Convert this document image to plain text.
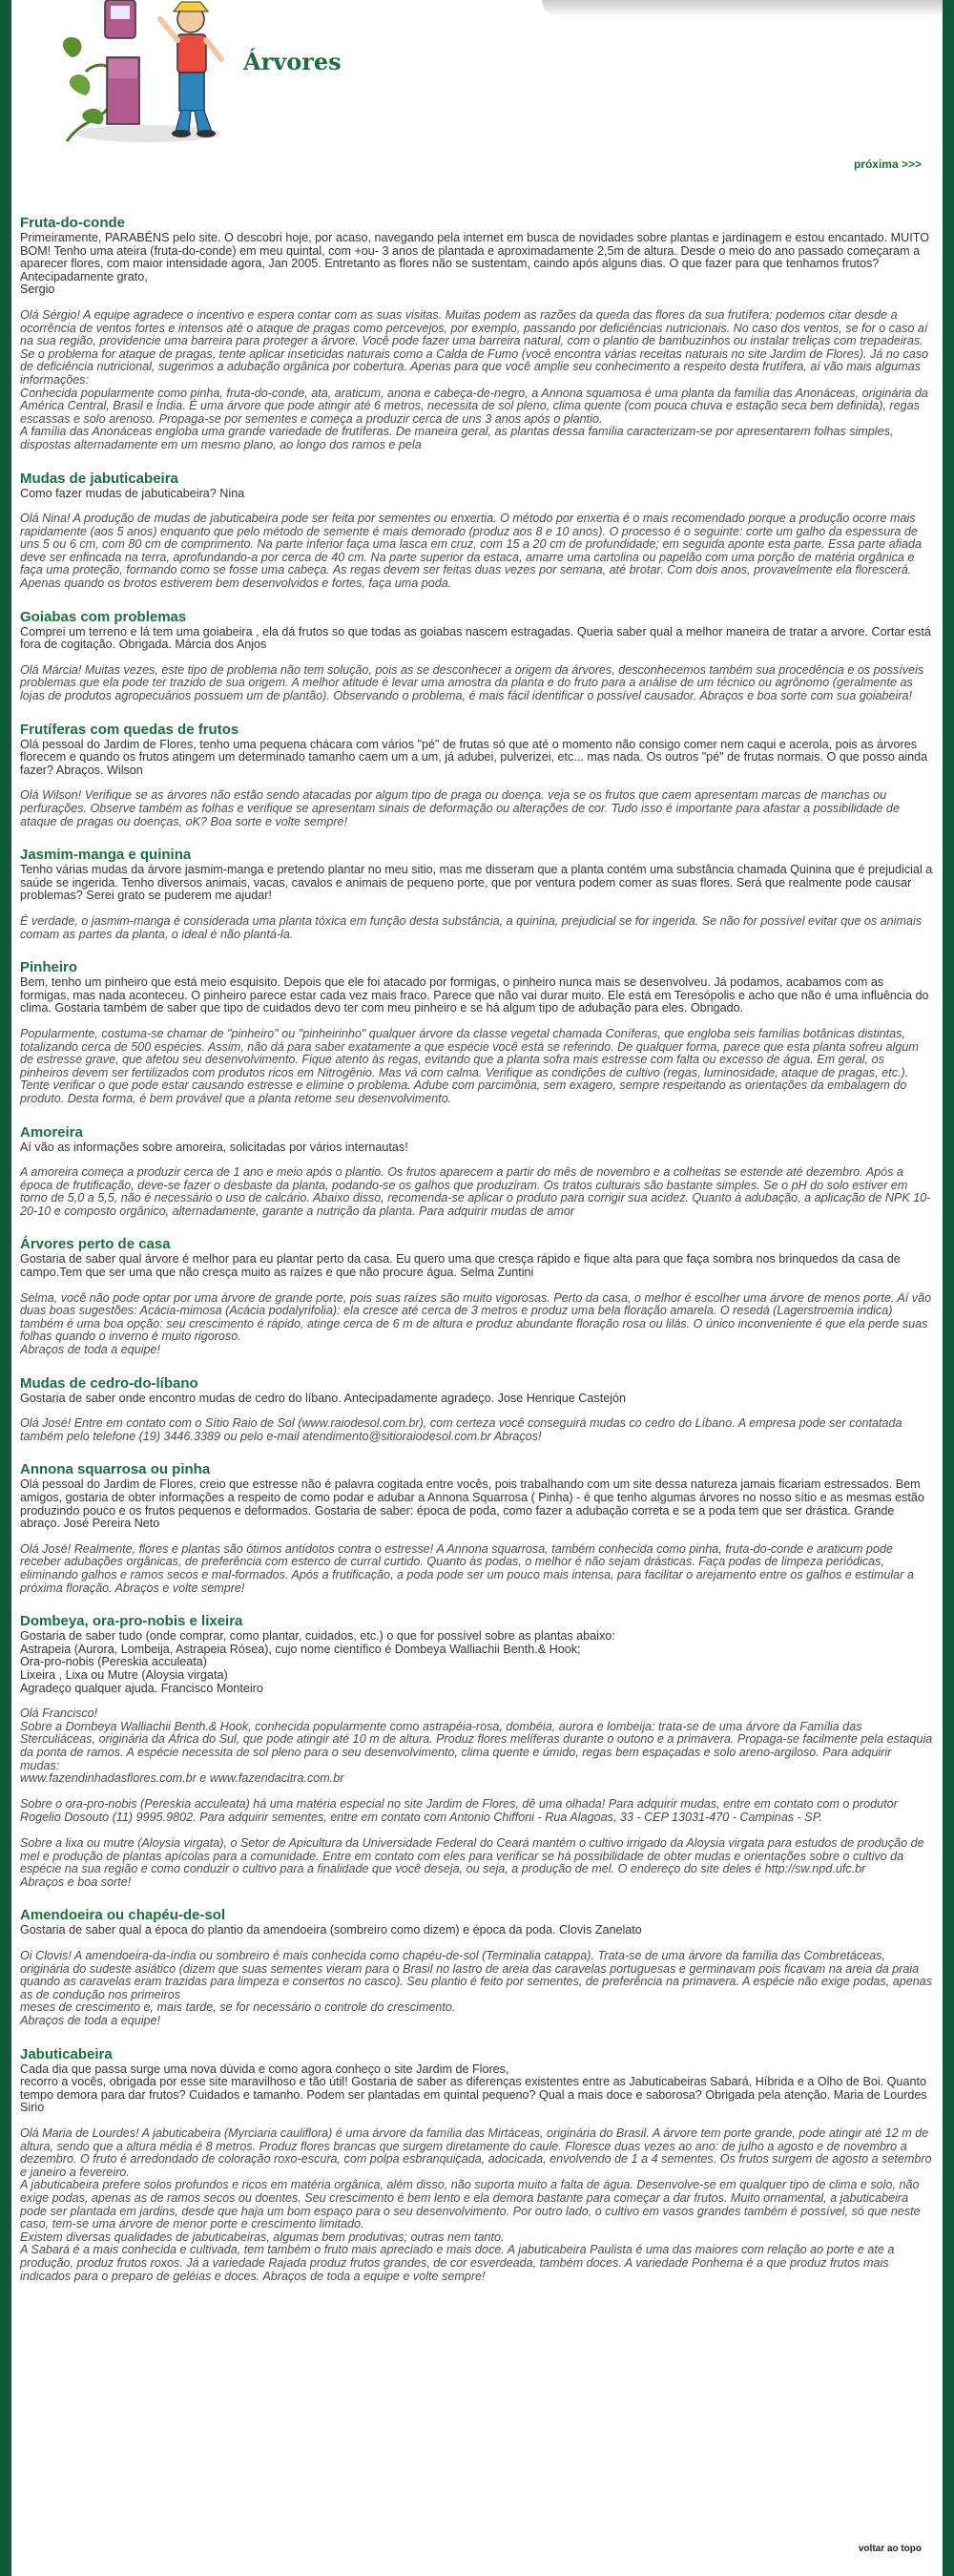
Árvores
próxima >>>
Fruta-do-conde

Primeiramente, PARABÉNS pelo site. O descobri hoje, por acaso, navegando pela internet em busca de novidades sobre plantas e jardinagem e estou encantado. MUITO BOM! Tenho uma ateira (fruta-do-conde) em meu quintal, com +ou- 3 anos de plantada e aproximadamente 2,5m de altura. Desde o meio do ano passado começaram a aparecer flores, com maior intensidade agora, Jan 2005. Entretanto as flores não se sustentam, caindo após alguns dias. O que fazer para que tenhamos frutos?
Antecipadamente grato,
Sergio

Olá Sérgio! A equipe agradece o incentivo e espera contar com as suas visitas. Muitas podem as razões da queda das flores da sua frutífera: podemos citar desde a ocorrência de ventos fortes e intensos até o ataque de pragas como percevejos, por exemplo, passando por deficiências nutricionais. No caso dos ventos, se for o caso aí na sua região, providencie uma barreira para proteger a árvore. Você pode fazer uma barreira natural, com o plantio de bambuzinhos ou instalar treliças com trepadeiras. Se o problema for ataque de pragas, tente aplicar inseticidas naturais como a Calda de Fumo (você encontra várias receitas naturais no site Jardim de Flores). Já no caso de deficiência nutricional, sugerimos a adubação orgânica por cobertura. Apenas para que você amplie seu conhecimento a respeito desta frutífera, aí vão mais algumas informações:
Conhecida popularmente como pinha, fruta-do-conde, ata, araticum, anona e cabeça-de-negro, a Annona squamosa é uma planta da família das Anonáceas, originária da América Central, Brasil e Índia. É uma árvore que pode atingir até 6 metros, necessita de sol pleno, clima quente (com pouca chuva e estação seca bem definida), regas escassas e solo arenoso. Propaga-se por sementes e começa a produzir cerca de uns 3 anos após o plantio.
A família das Anonáceas engloba uma grande variedade de frutíferas. De maneira geral, as plantas dessa família caracterizam-se por apresentarem folhas simples, dispostas alternadamente em um mesmo plano, ao longo dos ramos e pela

Mudas de jabuticabeira

Como fazer mudas de jabuticabeira? Nina

Olá Nina! A produção de mudas de jabuticabeira pode ser feita por sementes ou enxertia. O método por enxertia é o mais recomendado porque a produção ocorre mais rapidamente (aos 5 anos) enquanto que pelo método de semente é mais demorado (produz aos 8 e 10 anos). O processo é o seguinte: corte um galho da espessura de uns 5 ou 6 cm, com 80 cm de comprimento. Na parte inferior faça uma lasca em cruz, com 15 a 20 cm de profundidade; em seguida aponte esta parte. Essa parte afiada deve ser enfincada na terra, aprofundando-a por cerca de 40 cm. Na parte superior da estaca, amarre uma cartolina ou papelão com uma porção de matéria orgânica e faça uma proteção, formando como se fosse uma cabeça. As regas devem ser feitas duas vezes por semana, até brotar. Com dois anos, provavelmente ela florescerá. Apenas quando os brotos estiverem bem desenvolvidos e fortes, faça uma poda.

Goiabas com problemas

Comprei um terreno e lá tem uma goiabeira , ela dá frutos so que todas as goiabas nascem estragadas. Queria saber qual a melhor maneira de tratar a arvore. Cortar está fora de cogitação. Obrigada. Márcia dos Anjos

Olá Márcia! Muitas vezes, este tipo de problema não tem solução, pois as se desconhecer a origem da árvores, desconhecemos também sua procedência e os possíveis problemas que ela pode ter trazido de sua origem. A melhor atitude é levar uma amostra da planta e do fruto para a análise de um técnico ou agrônomo (geralmente as lojas de produtos agropecuários possuem um de plantão). Observando o problema, é mais fácil identificar o possível causador. Abraços e boa sorte com sua goiabeira!

Frutíferas com quedas de frutos

Olá pessoal do Jardim de Flores, tenho uma pequena chácara com vários "pé" de frutas só que até o momento não consigo comer nem caqui e acerola, pois as árvores florecem e quando os frutos atingem um determinado tamanho caem um a um, já adubei, pulverizei, etc... mas nada. Os outros "pé" de frutas normais. O que posso ainda fazer? Abraços. Wilson

Olá Wilson! Verifique se as árvores não estão sendo atacadas por algum tipo de praga ou doença. veja se os frutos que caem apresentam marcas de manchas ou perfurações. Observe também as folhas e verifique se apresentam sinais de deformação ou alterações de cor. Tudo isso é importante para afastar a possibilidade de ataque de pragas ou doenças, oK? Boa sorte e volte sempre!

Jasmim-manga e quinina

Tenho várias mudas da árvore jasmim-manga e pretendo plantar no meu sitio, mas me disseram que a planta contém uma substância chamada Quinina que é prejudicial a saúde se ingerida. Tenho diversos animais, vacas, cavalos e animais de pequeno porte, que por ventura podem comer as suas flores. Será que realmente pode causar problemas? Serei grato se puderem me ajudar!

É verdade, o jasmim-manga é considerada uma planta tóxica em função desta substância, a quinina, prejudicial se for ingerida. Se não for possível evitar que os animais comam as partes da planta, o ideal é não plantá-la.

Pinheiro

Bem, tenho um pinheiro que está meio esquisito. Depois que ele foi atacado por formigas, o pinheiro nunca mais se desenvolveu. Já podamos, acabamos com as formigas, mas nada aconteceu. O pinheiro parece estar cada vez mais fraco. Parece que não vai durar muito. Ele está em Teresópolis e acho que não é uma influência do clima. Gostaria também de saber que tipo de cuidados devo ter com meu pinheiro e se há algum tipo de adubação para eles. Obrigado.

Popularmente, costuma-se chamar de "pinheiro" ou "pinheirinho" qualquer árvore da classe vegetal chamada Coníferas, que engloba seis famílias botânicas distintas, totalizando cerca de 500 espécies. Assim, não dá para saber exatamente a que espécie você está se referindo. De qualquer forma, parece que esta planta sofreu algum de estresse grave, que afetou seu desenvolvimento. Fique atento às regas, evitando que a planta sofra mais estresse com falta ou excesso de água. Em geral, os pinheiros devem ser fertilizados com produtos ricos em Nitrogênio. Mas vá com calma. Verifique as condições de cultivo (regas, luminosidade, ataque de pragas, etc.). Tente verificar o que pode estar causando estresse e elimine o problema. Adube com parcimônia, sem exagero, sempre respeitando as orientações da embalagem do produto. Desta forma, é bem provável que a planta retome seu desenvolvimento.

Amoreira

Aí vão as informações sobre amoreira, solicitadas por vários internautas!

A amoreira começa a produzir cerca de 1 ano e meio após o plantio. Os frutos aparecem a partir do mês de novembro e a colheitas se estende até dezembro. Após a época de frutificação, deve-se fazer o desbaste da planta, podando-se os galhos que produziram. Os tratos culturais são bastante simples. Se o pH do solo estiver em torno de 5,0 a 5,5, não é necessário o uso de calcário. Abaixo disso, recomenda-se aplicar o produto para corrigir sua acidez. Quanto à adubação, a aplicação de NPK 10-20-10 e composto orgânico, alternadamente, garante a nutrição da planta. Para adquirir mudas de amor

Árvores perto de casa

Gostaria de saber qual árvore é melhor para eu plantar perto da casa. Eu quero uma que cresça rápido e fique alta para que faça sombra nos brinquedos da casa de campo.Tem que ser uma que não cresça muito as raízes e que não procure água. Selma Zuntini

Selma, você não pode optar por uma árvore de grande porte, pois suas raízes são muito vigorosas. Perto da casa, o melhor é escolher uma árvore de menos porte. Aí vão duas boas sugestões: Acácia-mimosa (Acácia podalyrifolia): ela cresce até cerca de 3 metros e produz uma bela floração amarela. O resedá (Lagerstroemia indica) também é uma boa opção: seu crescimento é rápido, atinge cerca de 6 m de altura e produz abundante floração rosa ou lilás. O único inconveniente é que ela perde suas folhas quando o inverno é muito rigoroso.
Abraços de toda a equipe!

Mudas de cedro-do-líbano

Gostaria de saber onde encontro mudas de cedro do líbano. Antecipadamente agradeço. Jose Henrique Castejón

Olá José! Entre em contato com o Sítio Raio de Sol (www.raiodesol.com.br), com certeza você conseguirá mudas co cedro do Líbano. A empresa pode ser contatada também pelo telefone (19) 3446.3389 ou pelo e-mail atendimento@sitioraiodesol.com.br Abraços!

Annona squarrosa ou pinha

Olá pessoal do Jardim de Flores, creio que estresse não é palavra cogitada entre vocês, pois trabalhando com um site dessa natureza jamais ficariam estressados. Bem amigos, gostaria de obter informações a respeito de como podar e adubar a Annona Squarrosa ( Pinha) - é que tenho algumas árvores no nosso sítio e as mesmas estão produzindo pouco e os frutos pequenos e deformados. Gostaria de saber: época de poda, como fazer a adubação correta e se a poda tem que ser drástica. Grande abraço. José Pereira Neto

Olá José! Realmente, flores e plantas são ótimos antídotos contra o estresse! A Annona squarrosa, também conhecida como pinha, fruta-do-conde e araticum pode receber adubações orgânicas, de preferência com esterco de curral curtido. Quanto às podas, o melhor é não sejam drásticas. Faça podas de limpeza periódicas, eliminando galhos e ramos secos e mal-formados. Após a frutificação, a poda pode ser um pouco mais intensa, para facilitar o arejamento entre os galhos e estimular a próxima floração. Abraços e volte sempre!

Dombeya, ora-pro-nobis e lixeira

Gostaria de saber tudo (onde comprar, como plantar, cuidados, etc.) o que for possível sobre as plantas abaixo:
Astrapeia (Aurora, Lombeija, Astrapeia Rósea), cujo nome científico é Dombeya Walliachii Benth.& Hook;
Ora-pro-nobis (Pereskia acculeata)
Lixeira , Lixa ou Mutre (Aloysia virgata)
Agradeço qualquer ajuda. Francisco Monteiro

Olá Francisco!
Sobre a Dombeya Walliachii Benth.& Hook, conhecida popularmente como astrapéia-rosa, dombéia, aurora e lombeija: trata-se de uma árvore da Família das Sterculiáceas, originária da África do Sul, que pode atingir até 10 m de altura. Produz flores melíferas durante o outono e a primavera. Propaga-se facilmente pela estaquia da ponta de ramos. A espécie necessita de sol pleno para o seu desenvolvimento, clima quente e úmido, regas bem espaçadas e solo areno-argiloso. Para adquirir mudas:
www.fazendinhadasflores.com.br e www.fazendacitra.com.br

Sobre o ora-pro-nobis (Pereskia acculeata) há uma matéria especial no site Jardim de Flores, dê uma olhada! Para adquirir mudas, entre em contato com o produtor Rogelio Dosouto (11) 9995.9802. Para adquirir sementes, entre em contato com Antonio Chiffoni - Rua Alagoas, 33 - CEP 13031-470 - Campinas - SP.

Sobre a lixa ou mutre (Aloysia virgata), o Setor de Apicultura da Universidade Federal do Ceará mantém o cultivo irrigado da Aloysia virgata para estudos de produção de mel e produção de plantas apícolas para a comunidade. Entre em contato com eles para verificar se há possibilidade de obter mudas e orientações sobre o cultivo da espécie na sua região e como conduzir o cultivo para a finalidade que você deseja, ou seja, a produção de mel. O endereço do site deles é http://sw.npd.ufc.br
Abraços e boa sorte!

Amendoeira ou chapéu-de-sol

Gostaria de saber qual a época do plantio da amendoeira (sombreiro como dizem) e época da poda. Clovis Zanelato

Oi Clovis! A amendoeira-da-índia ou sombreiro é mais conhecida como chapéu-de-sol (Terminalia catappa). Trata-se de uma árvore da família das Combretáceas, originária do sudeste asiático (dizem que suas sementes vieram para o Brasil no lastro de areia das caravelas portuguesas e germinavam pois ficavam na areia da praia quando as caravelas eram trazidas para limpeza e consertos no casco). Seu plantio é feito por sementes, de preferência na primavera. A espécie não exige podas, apenas as de condução nos primeiros
meses de crescimento e, mais tarde, se for necessário o controle do crescimento.
Abraços de toda a equipe!

Jabuticabeira

Cada dia que passa surge uma nova dúvida e como agora conheço o site Jardim de Flores,
recorro a vocês, obrigada por esse site maravilhoso e tão útil! Gostaria de saber as diferenças existentes entre as Jabuticabeiras Sabará, Híbrida e a Olho de Boi. Quanto tempo demora para dar frutos? Cuidados e tamanho. Podem ser plantadas em quintal pequeno? Qual a mais doce e saborosa? Obrigada pela atenção. Maria de Lourdes Sirio

Olá Maria de Lourdes! A jabuticabeira (Myrciaria cauliflora) é uma árvore da família das Mirtáceas, originária do Brasil. A árvore tem porte grande, pode atingir até 12 m de altura, sendo que a altura média é 8 metros. Produz flores brancas que surgem diretamente do caule. Floresce duas vezes ao ano: de julho a agosto e de novembro a dezembro. O fruto é arredondado de coloração roxo-escura, com polpa esbranquiçada, adocicada, envolvendo de 1 a 4 sementes. Os frutos surgem de agosto a setembro e janeiro a fevereiro.
A jabuticabeira prefere solos profundos e ricos em matéria orgânica, além disso, não suporta muito a falta de água. Desenvolve-se em qualquer tipo de clima e solo, não exige podas, apenas as de ramos secos ou doentes. Seu crescimento é bem lento e ela demora bastante para começar a dar frutos. Muito ornamental, a jabuticabeira pode ser plantada em jardins, desde que haja um bom espaço para o seu desenvolvimento. Por outro lado, o cultivo em vasos grandes também é possível, só que neste caso, tem-se uma árvore de menor porte e crescimento limitado.
Existem diversas qualidades de jabuticabeiras, algumas bem produtivas; outras nem tanto.
A Sabará é a mais conhecida e cultivada, tem também o fruto mais apreciado e mais doce. A jabuticabeira Paulista é uma das maiores com relação ao porte e ate a produção, produz frutos roxos. Já a variedade Rajada produz frutos grandes, de cor esverdeada, também doces. A variedade Ponhema é a que produz frutos mais indicados para o preparo de geléias e doces. Abraços de toda a equipe e volte sempre!

voltar ao topo
